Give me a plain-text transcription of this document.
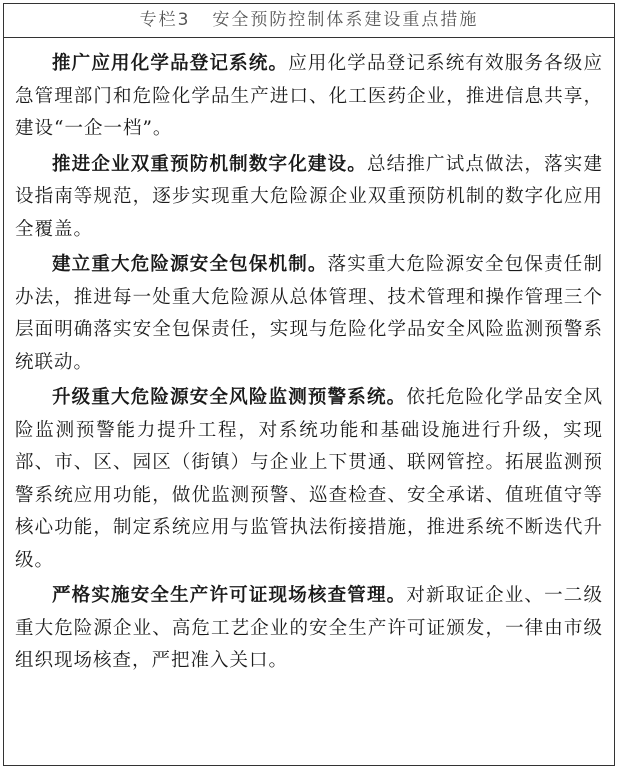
专栏3 安全预防控制体系建设重点措施

推广应用化学品登记系统。应用化学品登记系统有效服务各级应急管理部门和危险化学品生产进口、化工医药企业，推进信息共享，建设“一企一档”。

推进企业双重预防机制数字化建设。总结推广试点做法，落实建设指南等规范，逐步实现重大危险源企业双重预防机制的数字化应用全覆盖。

建立重大危险源安全包保机制。落实重大危险源安全包保责任制办法，推进每一处重大危险源从总体管理、技术管理和操作管理三个层面明确落实安全包保责任，实现与危险化学品安全风险监测预警系统联动。

升级重大危险源安全风险监测预警系统。依托危险化学品安全风险监测预警能力提升工程，对系统功能和基础设施进行升级，实现部、市、区、园区（街镇）与企业上下贯通、联网管控。拓展监测预警系统应用功能，做优监测预警、巡查检查、安全承诺、值班值守等核心功能，制定系统应用与监管执法衔接措施，推进系统不断迭代升级。

严格实施安全生产许可证现场核查管理。对新取证企业、一二级重大危险源企业、高危工艺企业的安全生产许可证颁发，一律由市级组织现场核查，严把准入关口。
